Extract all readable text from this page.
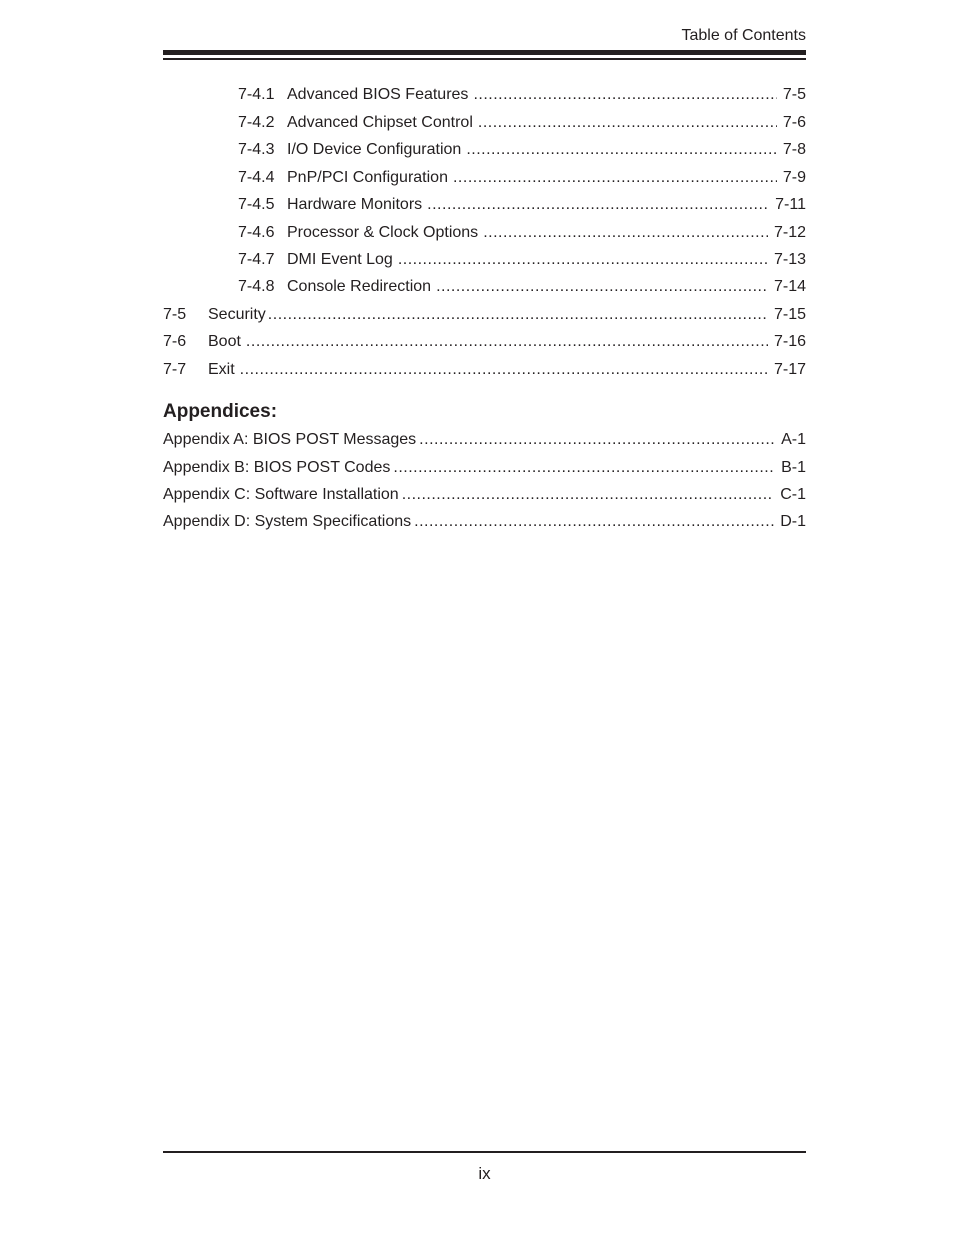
Table of Contents
7-4.1 Advanced BIOS Features .....	7-5
7-4.2 Advanced Chipset Control .....	7-6
7-4.3 I/O Device Configuration .....	7-8
7-4.4 PnP/PCI Configuration .....	7-9
7-4.5 Hardware Monitors .....	7-11
7-4.6 Processor & Clock Options .....	7-12
7-4.7 DMI Event Log .....	7-13
7-4.8 Console Redirection .....	7-14
7-5	Security .....	7-15
7-6	Boot .....	7-16
7-7	Exit .....	7-17
Appendices:
Appendix A: BIOS POST Messages .....	A-1
Appendix B: BIOS POST Codes .....	B-1
Appendix C: Software Installation .....	C-1
Appendix D: System Specifications .....	D-1
ix
